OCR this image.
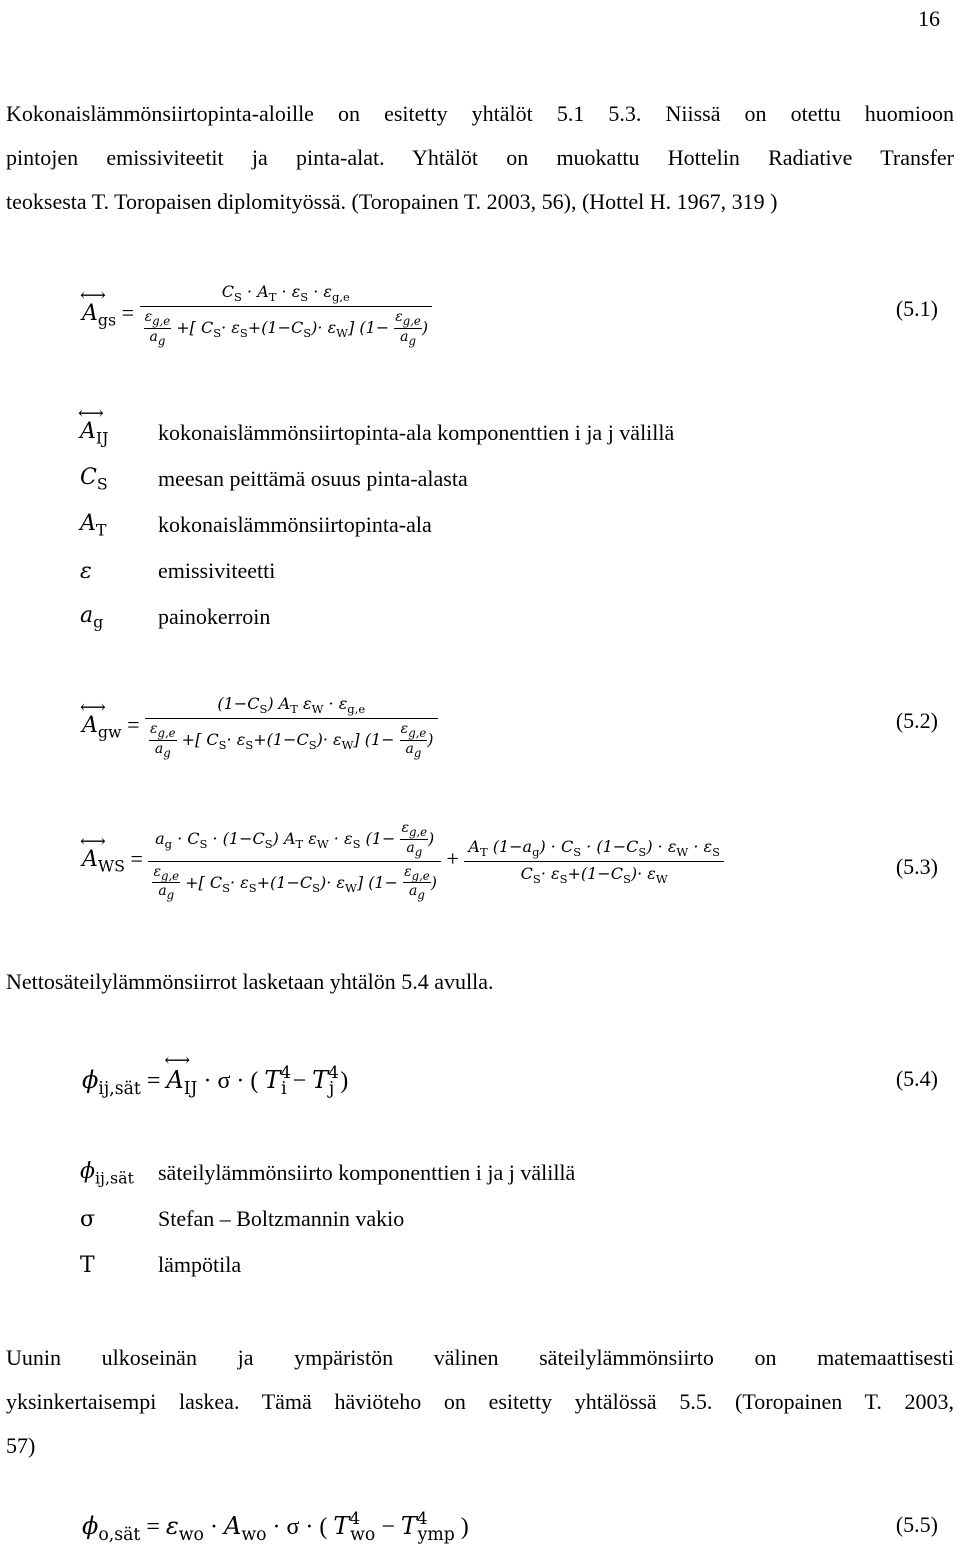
16
Kokonaislämmönsiirtopinta-aloille on esitetty yhtälöt 5.1 5.3. Niissä on otettu huomioon
pintojen emissiviteetit ja pinta-alat. Yhtälöt on muokattu Hottelin Radiative Transfer
teoksesta T. Toropaisen diplomityössä. (Toropainen T. 2003, 56), (Hottel H. 1967, 319 )
⟷ $A_{gs} = \frac{C_S \cdot A_T \cdot \varepsilon_S \cdot \varepsilon_{g,e}}{\frac{\varepsilon_{g,e}}{a_g} +[ C_S\cdot \varepsilon_S+(1-C_S)\cdot \varepsilon_W] (1- \frac{\varepsilon_{g,e}}{a_g} )}$	(5.1)
⟷ $A_{IJ}$	kokonaislämmönsiirtopinta-ala komponenttien i ja j välillä
$C_S$	meesan peittämä osuus pinta-alasta
$A_T$	kokonaislämmönsiirtopinta-ala
ε	emissiviteetti
$a_g$	painokerroin
⟷ $A_{gw} = \frac{(1-C_S) A_T \varepsilon_W \cdot \varepsilon_{g,e}}{\frac{\varepsilon_{g,e}}{a_g} +[ C_S\cdot \varepsilon_S+(1-C_S)\cdot \varepsilon_W] (1- \frac{\varepsilon_{g,e}}{a_g} )}$	(5.2)
⟷ $A_{WS} = \frac{a_g \cdot C_S \cdot (1-C_S) A_T \varepsilon_W \cdot \varepsilon_S (1- \frac{\varepsilon_{g,e}}{a_g} )}{\frac{\varepsilon_{g,e}}{a_g} +[ C_S\cdot \varepsilon_S+(1-C_S)\cdot \varepsilon_W] (1- \frac{\varepsilon_{g,e}}{a_g} )} + \frac{A_T (1-a_g) \cdot C_S \cdot (1-C_S) \cdot \varepsilon_W \cdot \varepsilon_S}{C_S\cdot \varepsilon_S+(1-C_S)\cdot \varepsilon_W}$	(5.3)
Nettosäteilylämmönsiirrot lasketaan yhtälön 5.4 avulla.
$\phi_{ij,sät}$ = ⟷ $A_{IJ} \cdot \sigma$ · ( $T^4_i - T^4_j$ )	(5.4)
$\phi_{ij,sät}$	säteilylämmönsiirto komponenttien i ja j välillä
σ	Stefan – Boltzmannin vakio
T	lämpötila
Uunin ulkoseinän ja ympäristön välinen säteilylämmönsiirto on matemaattisesti
yksinkertaisempi laskea. Tämä häviöteho on esitetty yhtälössä 5.5. (Toropainen T. 2003,
57)
$\phi_{o,sät} = \varepsilon_{wo} \cdot A_{wo} \cdot \sigma$ · ( $T^4_{wo} - T^4_{ymp}$ )	(5.5)
